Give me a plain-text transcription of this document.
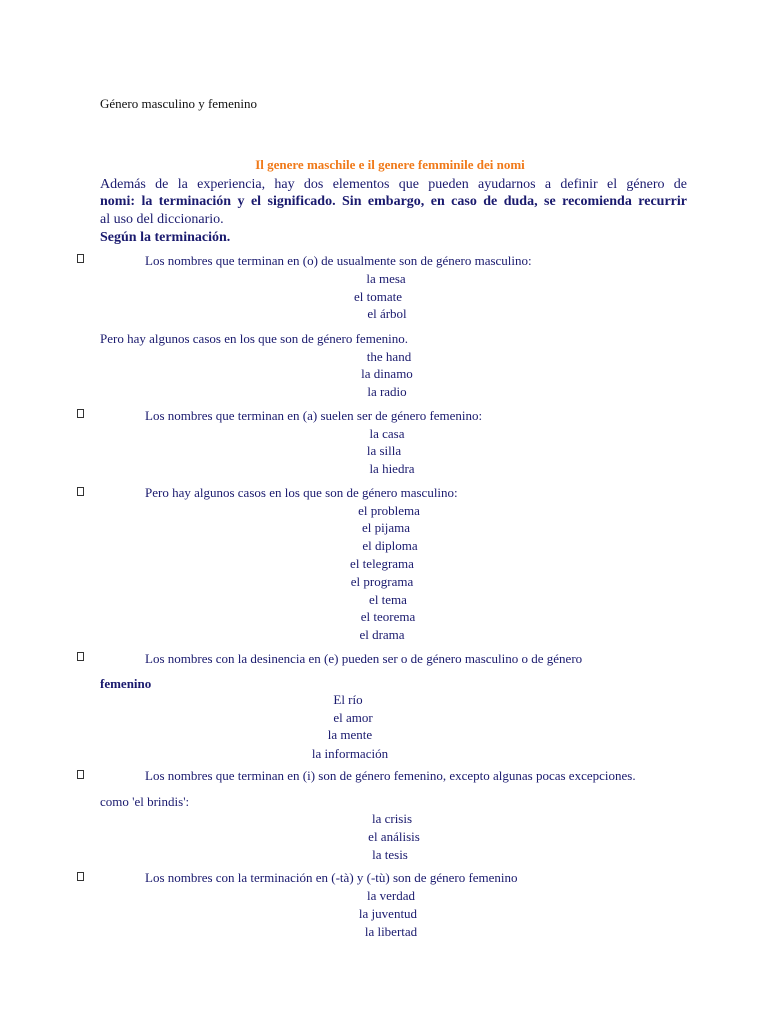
Género masculino y femenino
Il genere maschile e il genere femminile dei nomi
Además de la experiencia, hay dos elementos que pueden ayudarnos a definir el género de
nomi: la terminación y el significado. Sin embargo, en caso de duda, se recomienda recurrir
al uso del diccionario.
Según la terminación.
Los nombres que terminan en (o) de usualmente son de género masculino:
la mesa
el tomate
el árbol
Pero hay algunos casos en los que son de género femenino.
the hand
la dinamo
la radio
Los nombres que terminan en (a) suelen ser de género femenino:
la casa
la silla
la hiedra
Pero hay algunos casos en los que son de género masculino:
el problema
el pijama
el diploma
el telegrama
el programa
el tema
el teorema
el drama
Los nombres con la desinencia en (e) pueden ser o de género masculino o de género
femenino
El río
el amor
la mente
la información
Los nombres que terminan en (i) son de género femenino, excepto algunas pocas excepciones.
como 'el brindis':
la crisis
el análisis
la tesis
Los nombres con la terminación en (-tà) y (-tù) son de género femenino
la verdad
la juventud
la libertad
